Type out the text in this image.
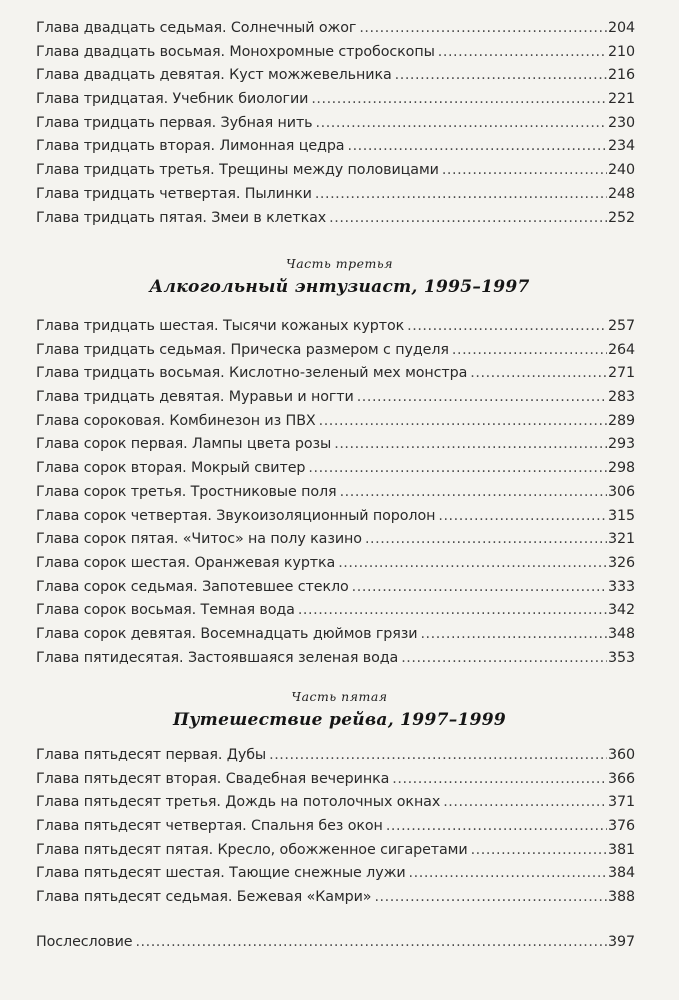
Глава двадцать седьмая. Солнечный ожог . . .	204
Глава двадцать восьмая. Монохромные стробоскопы . . .	210
Глава двадцать девятая. Куст можжевельника . . .	216
Глава тридцатая. Учебник биологии . . .	221
Глава тридцать первая. Зубная нить . . .	230
Глава тридцать вторая. Лимонная цедра . . .	234
Глава тридцать третья. Трещины между половицами . . .	240
Глава тридцать четвертая. Пылинки . . .	248
Глава тридцать пятая. Змеи в клетках . . .	252
Часть третья
Алкогольный энтузиаст, 1995–1997
Глава тридцать шестая. Тысячи кожаных курток . . .	257
Глава тридцать седьмая. Прическа размером с пуделя . . .	264
Глава тридцать восьмая. Кислотно-зеленый мех монстра . . .	271
Глава тридцать девятая. Муравьи и ногти . . .	283
Глава сороковая. Комбинезон из ПВХ . . .	289
Глава сорок первая. Лампы цвета розы . . .	293
Глава сорок вторая. Мокрый свитер . . .	298
Глава сорок третья. Тростниковые поля . . .	306
Глава сорок четвертая. Звукоизоляционный поролон . . .	315
Глава сорок пятая. «Читос» на полу казино . . .	321
Глава сорок шестая. Оранжевая куртка . . .	326
Глава сорок седьмая. Запотевшее стекло . . .	333
Глава сорок восьмая. Темная вода . . .	342
Глава сорок девятая. Восемнадцать дюймов грязи . . .	348
Глава пятидесятая. Застоявшаяся зеленая вода . . .	353
Часть пятая
Путешествие рейва, 1997–1999
Глава пятьдесят первая. Дубы . . .	360
Глава пятьдесят вторая. Свадебная вечеринка . . .	366
Глава пятьдесят третья. Дождь на потолочных окнах . . .	371
Глава пятьдесят четвертая. Спальня без окон . . .	376
Глава пятьдесят пятая. Кресло, обожженное сигаретами . . .	381
Глава пятьдесят шестая. Тающие снежные лужи . . .	384
Глава пятьдесят седьмая. Бежевая «Камри» . . .	388
Послесловие . . .	397
